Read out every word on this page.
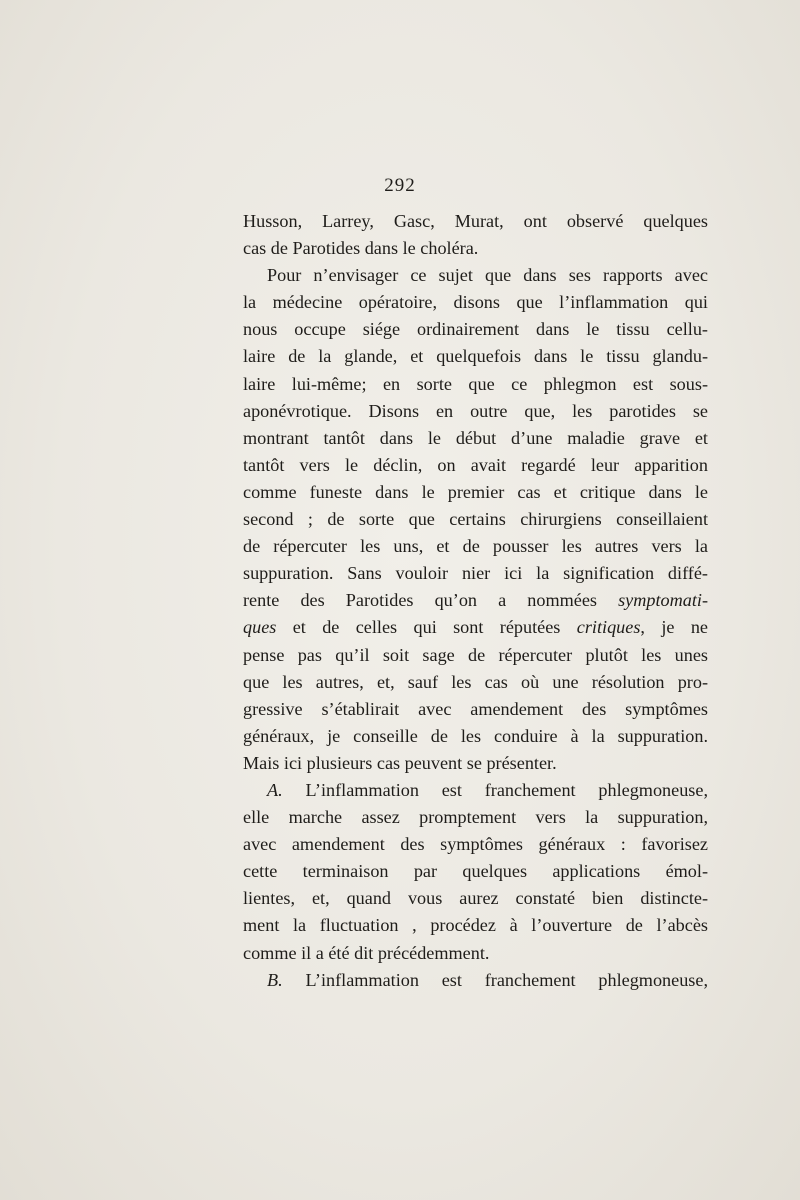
292
Husson, Larrey, Gasc, Murat, ont observé quelques
cas de Parotides dans le choléra.
Pour n’envisager ce sujet que dans ses rapports avec
la médecine opératoire, disons que l’inflammation qui
nous occupe siége ordinairement dans le tissu cellu-
laire de la glande, et quelquefois dans le tissu glandu-
laire lui-même; en sorte que ce phlegmon est sous-
aponévrotique. Disons en outre que, les parotides se
montrant tantôt dans le début d’une maladie grave et
tantôt vers le déclin, on avait regardé leur apparition
comme funeste dans le premier cas et critique dans le
second ; de sorte que certains chirurgiens conseillaient
de répercuter les uns, et de pousser les autres vers la
suppuration. Sans vouloir nier ici la signification diffé-
rente des Parotides qu’on a nommées symptomati-
ques et de celles qui sont réputées critiques, je ne
pense pas qu’il soit sage de répercuter plutôt les unes
que les autres, et, sauf les cas où une résolution pro-
gressive s’établirait avec amendement des symptômes
généraux, je conseille de les conduire à la suppuration.
Mais ici plusieurs cas peuvent se présenter.
A. L’inflammation est franchement phlegmoneuse,
elle marche assez promptement vers la suppuration,
avec amendement des symptômes généraux : favorisez
cette terminaison par quelques applications émol-
lientes, et, quand vous aurez constaté bien distincte-
ment la fluctuation , procédez à l’ouverture de l’abcès
comme il a été dit précédemment.
B. L’inflammation est franchement phlegmoneuse,
